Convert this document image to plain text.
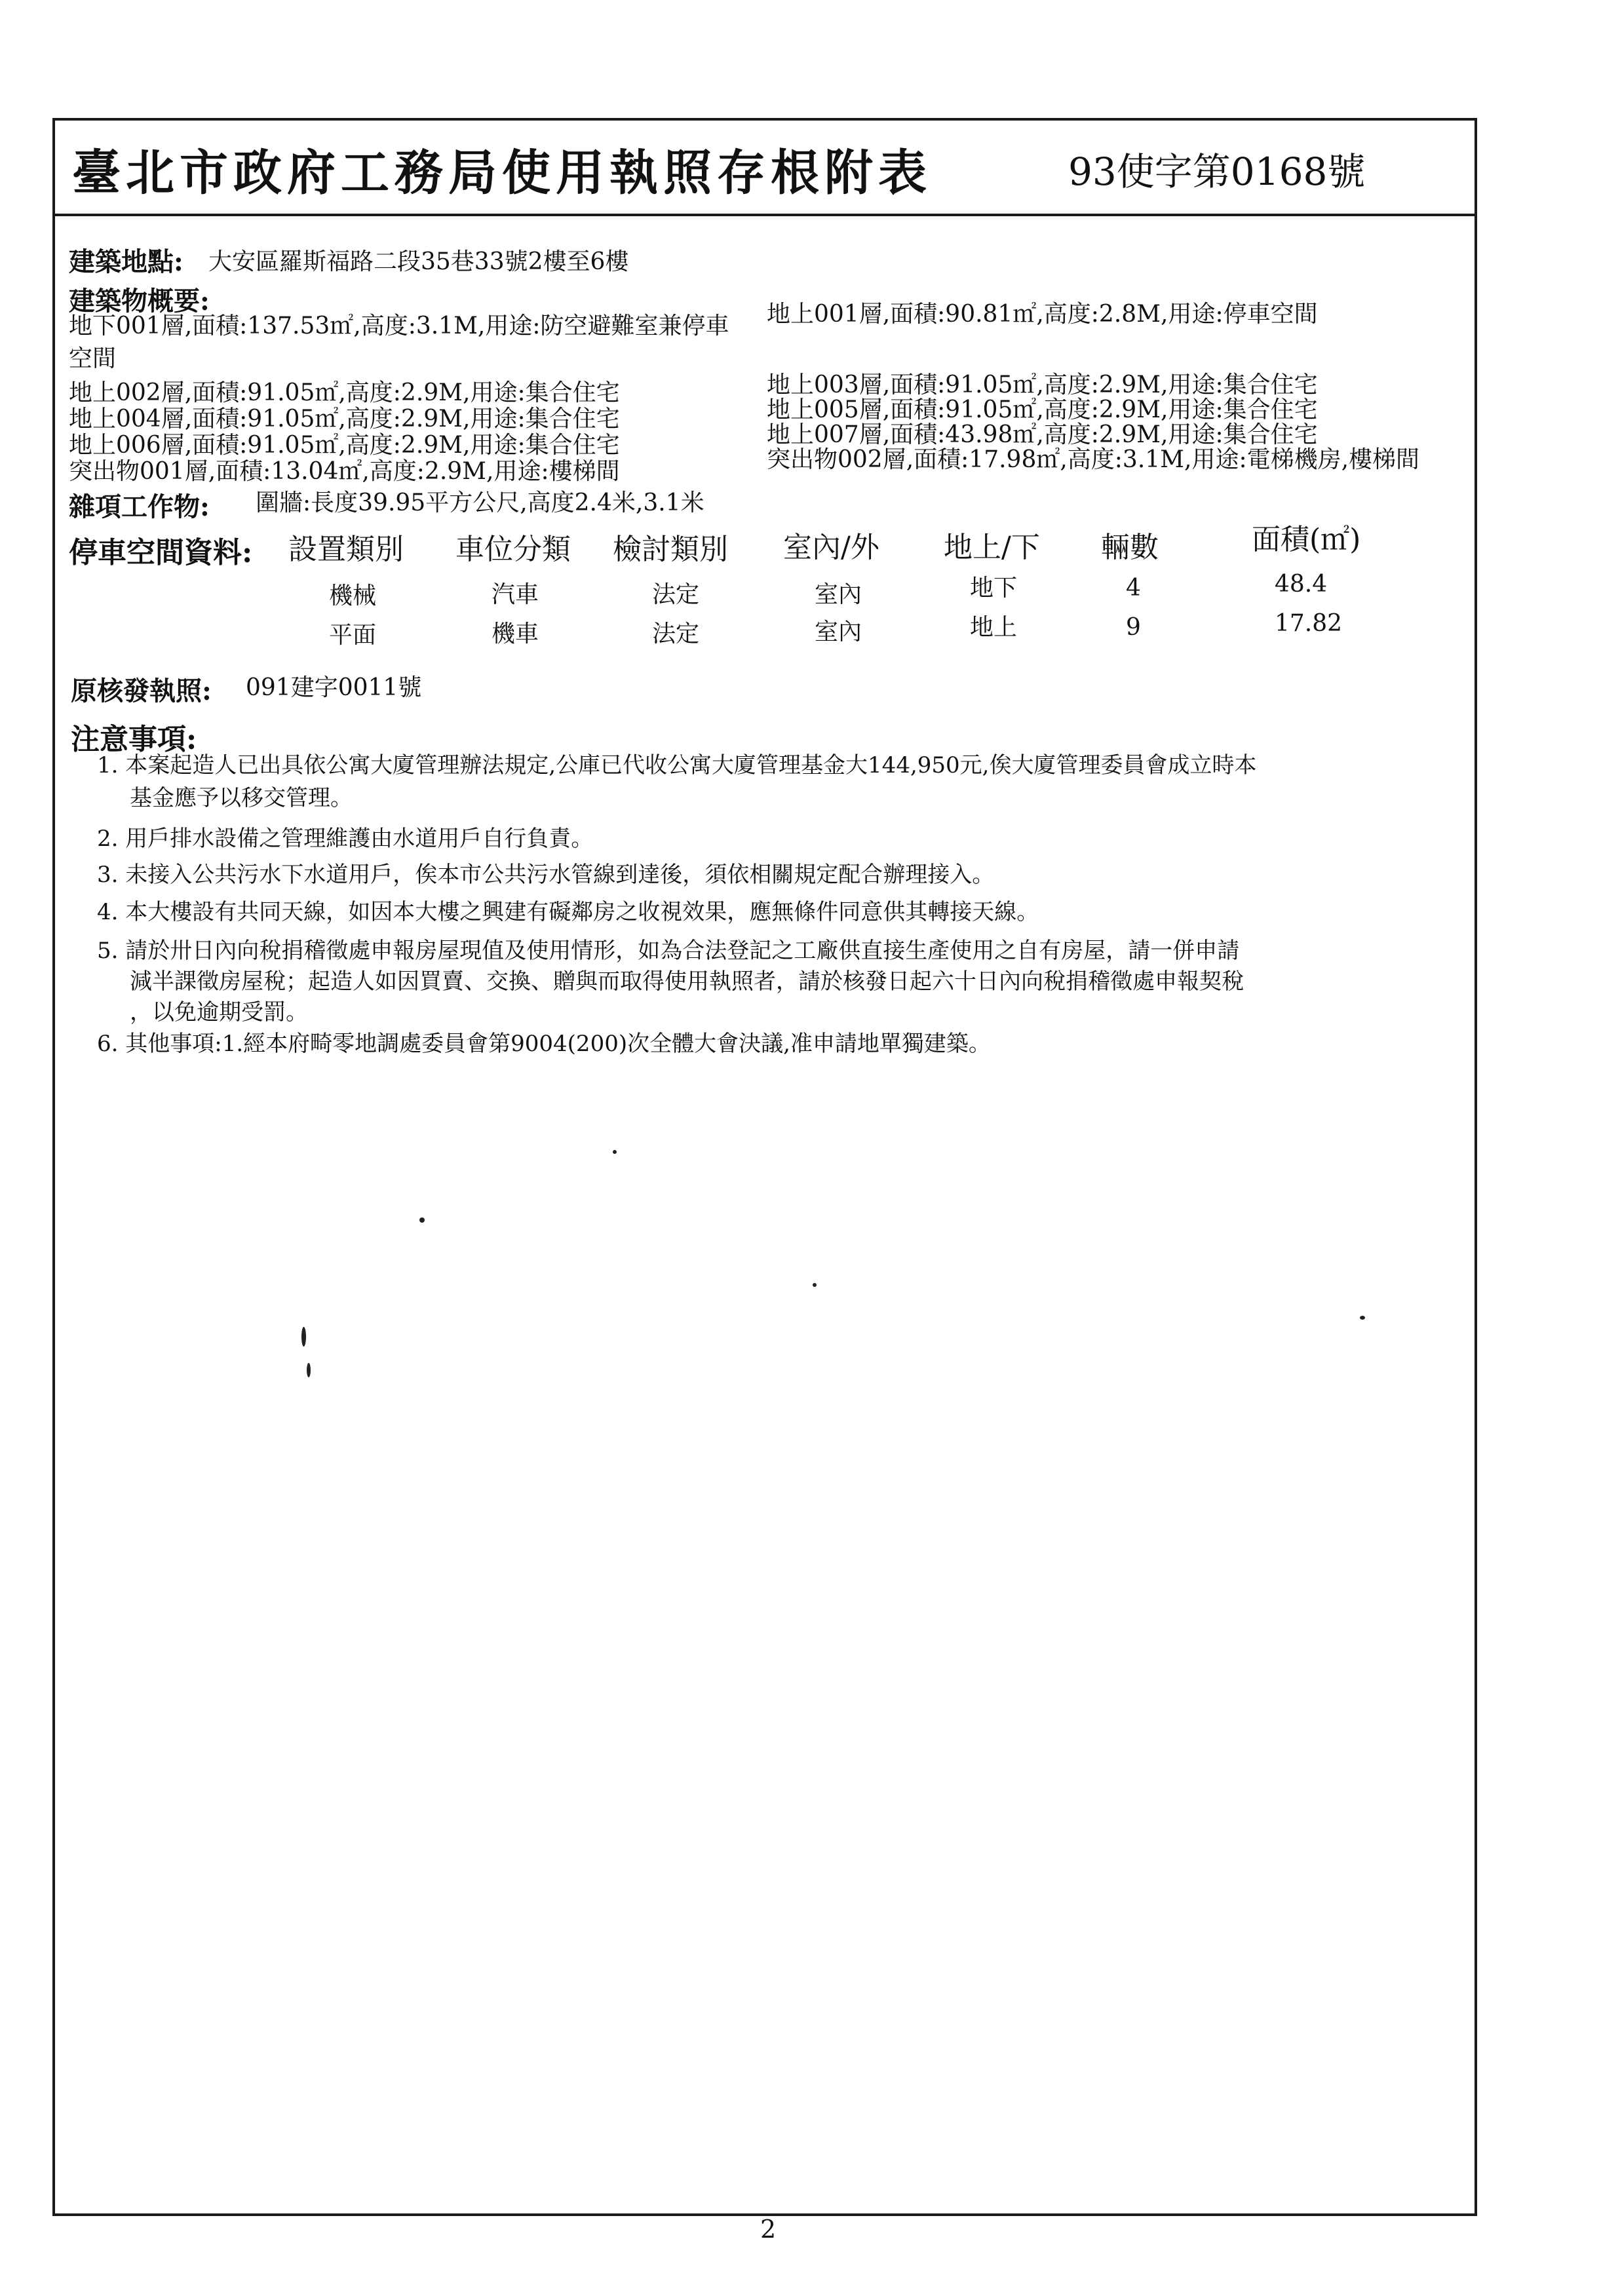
臺北市政府工務局使用執照存根附表	93使字第0168號
建築地點: 大安區羅斯福路二段35巷33號2樓至6樓
建築物概要:
地下001層,面積:137.53㎡,高度:3.1M,用途:防空避難室兼停車
空間
地上002層,面積:91.05㎡,高度:2.9M,用途:集合住宅
地上004層,面積:91.05㎡,高度:2.9M,用途:集合住宅
地上006層,面積:91.05㎡,高度:2.9M,用途:集合住宅
突出物001層,面積:13.04㎡,高度:2.9M,用途:樓梯間
地上001層,面積:90.81㎡,高度:2.8M,用途:停車空間
地上003層,面積:91.05㎡,高度:2.9M,用途:集合住宅
地上005層,面積:91.05㎡,高度:2.9M,用途:集合住宅
地上007層,面積:43.98㎡,高度:2.9M,用途:集合住宅
突出物002層,面積:17.98㎡,高度:3.1M,用途:電梯機房,樓梯間
雜項工作物: 圍牆:長度39.95平方公尺,高度2.4米,3.1米
停車空間資料: 設置類別 車位分類 檢討類別 室內/外 地上/下 輛數	面積(㎡)
機械	汽車	法定	室內	地下	4	48.4
平面	機車	法定	室內	地上	9	17.82
原核發執照: 091建字0011號
注意事項:
1. 本案起造人已出具依公寓大廈管理辦法規定,公庫已代收公寓大廈管理基金大144,950元,俟大廈管理委員會成立時本
基金應予以移交管理。
2. 用戶排水設備之管理維護由水道用戶自行負責。
3. 未接入公共污水下水道用戶，俟本市公共污水管線到達後，須依相關規定配合辦理接入。
4. 本大樓設有共同天線，如因本大樓之興建有礙鄰房之收視效果，應無條件同意供其轉接天線。
5. 請於卅日內向稅捐稽徵處申報房屋現值及使用情形，如為合法登記之工廠供直接生產使用之自有房屋，請一併申請
減半課徵房屋稅；起造人如因買賣、交換、贈與而取得使用執照者，請於核發日起六十日內向稅捐稽徵處申報契稅
，以免逾期受罰。
6. 其他事項:1.經本府畸零地調處委員會第9004(200)次全體大會決議,准申請地單獨建築。
2
